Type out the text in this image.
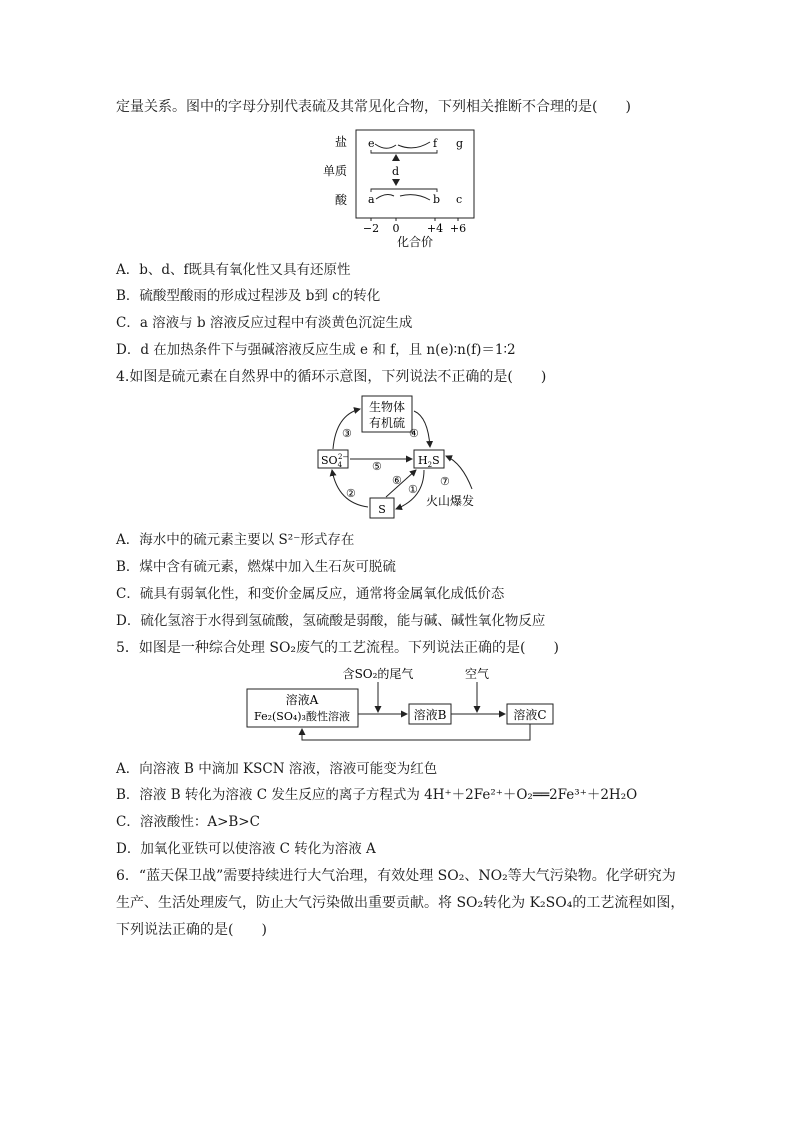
定量关系。图中的字母分别代表硫及其常见化合物，下列相关推断不合理的是(　　)
盐
单质
酸
e	f g
d
a	b c
−2 0 +4 +6
化合价
A．b、d、f既具有氧化性又具有还原性
B．硫酸型酸雨的形成过程涉及 b到 c的转化
C．a 溶液与 b 溶液反应过程中有淡黄色沉淀生成
D．d 在加热条件下与强碱溶液反应生成 e 和 f，且 n(e)∶n(f)＝1∶2
4.如图是硫元素在自然界中的循环示意图，下列说法不正确的是(　　)
生物体
有机硫
$SO_42-$	$H_2S$
S
③	④
⑤
②
⑥
①
⑦
火山爆发
A．海水中的硫元素主要以 S²⁻形式存在
B．煤中含有硫元素，燃煤中加入生石灰可脱硫
C．硫具有弱氧化性，和变价金属反应，通常将金属氧化成低价态
D．硫化氢溶于水得到氢硫酸，氢硫酸是弱酸，能与碱、碱性氧化物反应
5．如图是一种综合处理 SO₂废气的工艺流程。下列说法正确的是(　　)
含SO₂的尾气	空气
溶液A
Fe₂(SO₄)₃酸性溶液	溶液B	溶液C
A．向溶液 B 中滴加 KSCN 溶液，溶液可能变为红色
B．溶液 B 转化为溶液 C 发生反应的离子方程式为 4H⁺＋2Fe²⁺＋O₂══2Fe³⁺＋2H₂O
C．溶液酸性：A>B>C
D．加氧化亚铁可以使溶液 C 转化为溶液 A
6．“蓝天保卫战”需要持续进行大气治理，有效处理 SO₂、NO₂等大气污染物。化学研究为
生产、生活处理废气，防止大气污染做出重要贡献。将 SO₂转化为 K₂SO₄的工艺流程如图，
下列说法正确的是(　　)
